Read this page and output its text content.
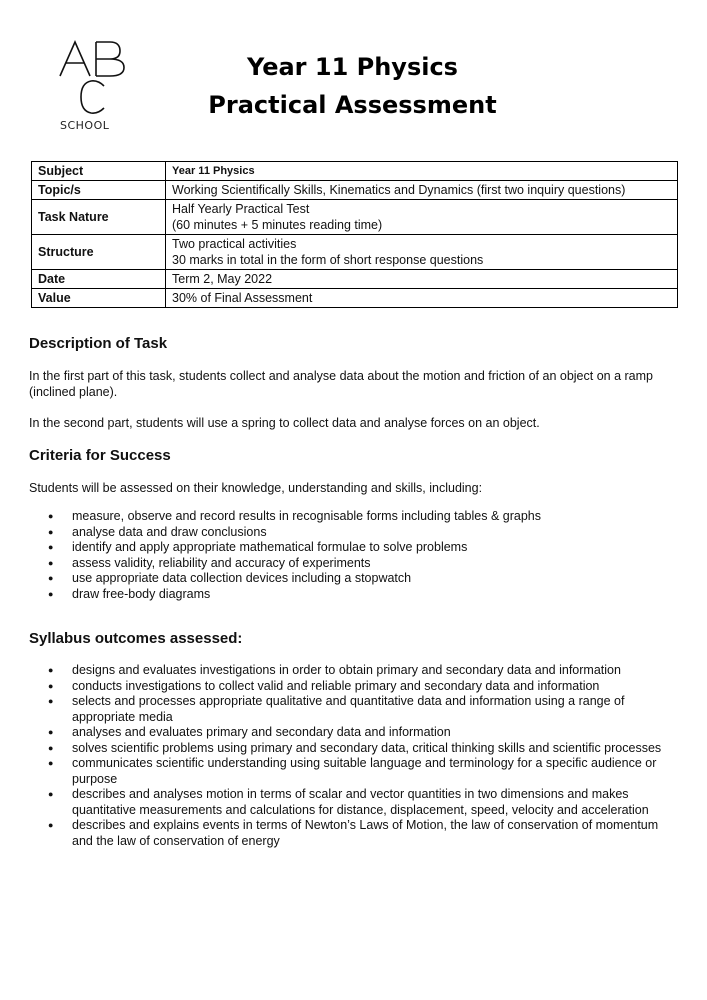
SCHOOL
Year 11 Physics
Practical Assessment
Subject	Year 11 Physics

Topic/s	Working Scientifically Skills, Kinematics and Dynamics (first two inquiry questions)

Task Nature	Half Yearly Practical Test
(60 minutes + 5 minutes reading time)

Structure	Two practical activities
30 marks in total in the form of short response questions

Date	Term 2, May 2022

Value	30% of Final Assessment
Description of Task

In the first part of this task, students collect and analyse data about the motion and friction of an object on a ramp (inclined plane).

In the second part, students will use a spring to collect data and analyse forces on an object.

Criteria for Success

Students will be assessed on their knowledge, understanding and skills, including:

● measure, observe and record results in recognisable forms including tables & graphs
● analyse data and draw conclusions
● identify and apply appropriate mathematical formulae to solve problems
● assess validity, reliability and accuracy of experiments
● use appropriate data collection devices including a stopwatch
● draw free-body diagrams
Syllabus outcomes assessed:
● designs and evaluates investigations in order to obtain primary and secondary data and information
● conducts investigations to collect valid and reliable primary and secondary data and information
● selects and processes appropriate qualitative and quantitative data and information using a range of appropriate media
● analyses and evaluates primary and secondary data and information
● solves scientific problems using primary and secondary data, critical thinking skills and scientific processes
● communicates scientific understanding using suitable language and terminology for a specific audience or purpose
● describes and analyses motion in terms of scalar and vector quantities in two dimensions and makes quantitative measurements and calculations for distance, displacement, speed, velocity and acceleration
● describes and explains events in terms of Newton’s Laws of Motion, the law of conservation of momentum and the law of conservation of energy
